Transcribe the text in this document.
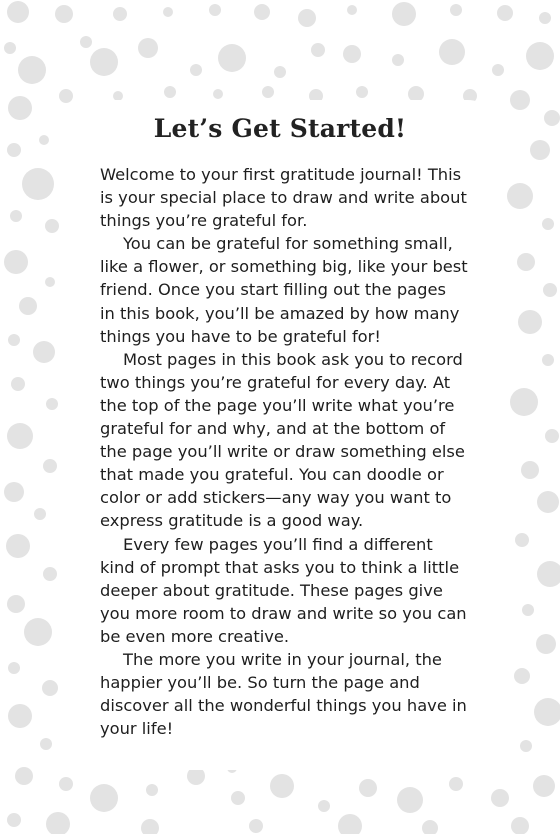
Let’s Get Started!

Welcome to your first gratitude journal! This
is your special place to draw and write about
things you’re grateful for.

You can be grateful for something small,
like a flower, or something big, like your best
friend. Once you start filling out the pages
in this book, you’ll be amazed by how many
things you have to be grateful for!

Most pages in this book ask you to record
two things you’re grateful for every day. At
the top of the page you’ll write what you’re
grateful for and why, and at the bottom of
the page you’ll write or draw something else
that made you grateful. You can doodle or
color or add stickers—any way you want to
express gratitude is a good way.

Every few pages you’ll find a different
kind of prompt that asks you to think a little
deeper about gratitude. These pages give
you more room to draw and write so you can
be even more creative.

The more you write in your journal, the
happier you’ll be. So turn the page and
discover all the wonderful things you have in
your life!
